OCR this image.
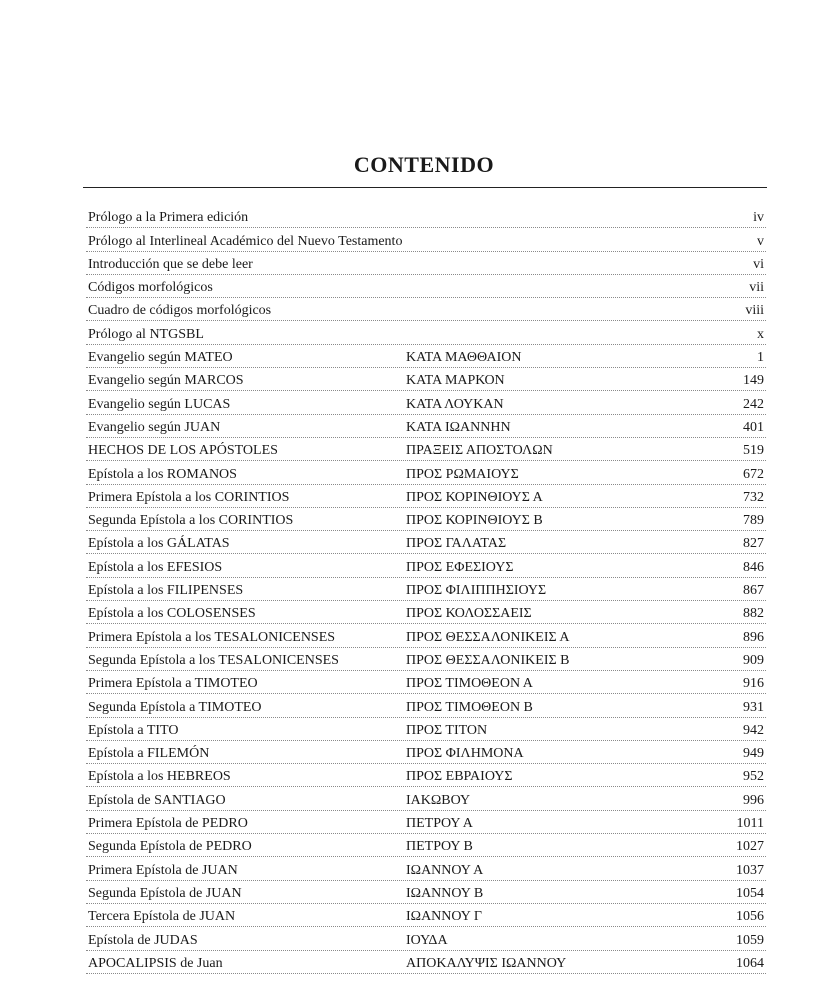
CONTENIDO
Prólogo a la Primera edición	iv
Prólogo al Interlineal Académico del Nuevo Testamento	v
Introducción que se debe leer	vi
Códigos morfológicos	vii
Cuadro de códigos morfológicos	viii
Prólogo al NTGSBL	x
Evangelio según MATEO	ΚΑΤΑ ΜΑΘΘΑΙΟΝ	1
Evangelio según MARCOS	ΚΑΤΑ ΜΑΡΚΟΝ	149
Evangelio según LUCAS	ΚΑΤΑ ΛΟΥΚΑΝ	242
Evangelio según JUAN	ΚΑΤΑ ΙΩΑΝΝΗΝ	401
HECHOS DE LOS APÓSTOLES	ΠΡΑΞΕΙΣ ΑΠΟΣΤΟΛΩΝ	519
Epístola a los ROMANOS	ΠΡΟΣ ΡΩΜΑΙΟΥΣ	672
Primera Epístola a los CORINTIOS	ΠΡΟΣ ΚΟΡΙΝΘΙΟΥΣ Α	732
Segunda Epístola a los CORINTIOS	ΠΡΟΣ ΚΟΡΙΝΘΙΟΥΣ Β	789
Epístola a los GÁLATAS	ΠΡΟΣ ΓΑΛΑΤΑΣ	827
Epístola a los EFESIOS	ΠΡΟΣ ΕΦΕΣΙΟΥΣ	846
Epístola a los FILIPENSES	ΠΡΟΣ ΦΙΛΙΠΠΗΣΙΟΥΣ	867
Epístola a los COLOSENSES	ΠΡΟΣ ΚΟΛΟΣΣΑΕΙΣ	882
Primera Epístola a los TESALONICENSES	ΠΡΟΣ ΘΕΣΣΑΛΟΝΙΚΕΙΣ Α	896
Segunda Epístola a los TESALONICENSES	ΠΡΟΣ ΘΕΣΣΑΛΟΝΙΚΕΙΣ Β	909
Primera Epístola a TIMOTEO	ΠΡΟΣ ΤΙΜΟΘΕΟΝ Α	916
Segunda Epístola a TIMOTEO	ΠΡΟΣ ΤΙΜΟΘΕΟΝ Β	931
Epístola a TITO	ΠΡΟΣ ΤΙΤΟΝ	942
Epístola a FILEMÓN	ΠΡΟΣ ΦΙΛΗΜΟΝΑ	949
Epístola a los HEBREOS	ΠΡΟΣ ΕΒΡΑΙΟΥΣ	952
Epístola de SANTIAGO	ΙΑΚΩΒΟΥ	996
Primera Epístola de PEDRO	ΠΕΤΡΟΥ Α	1011
Segunda Epístola de PEDRO	ΠΕΤΡΟΥ Β	1027
Primera Epístola de JUAN	ΙΩΑΝΝΟΥ Α	1037
Segunda Epístola de JUAN	ΙΩΑΝΝΟΥ Β	1054
Tercera Epístola de JUAN	ΙΩΑΝΝΟΥ Γ	1056
Epístola de JUDAS	ΙΟΥΔΑ	1059
APOCALIPSIS de Juan	ΑΠΟΚΑΛΥΨΙΣ ΙΩΑΝΝΟΥ	1064
